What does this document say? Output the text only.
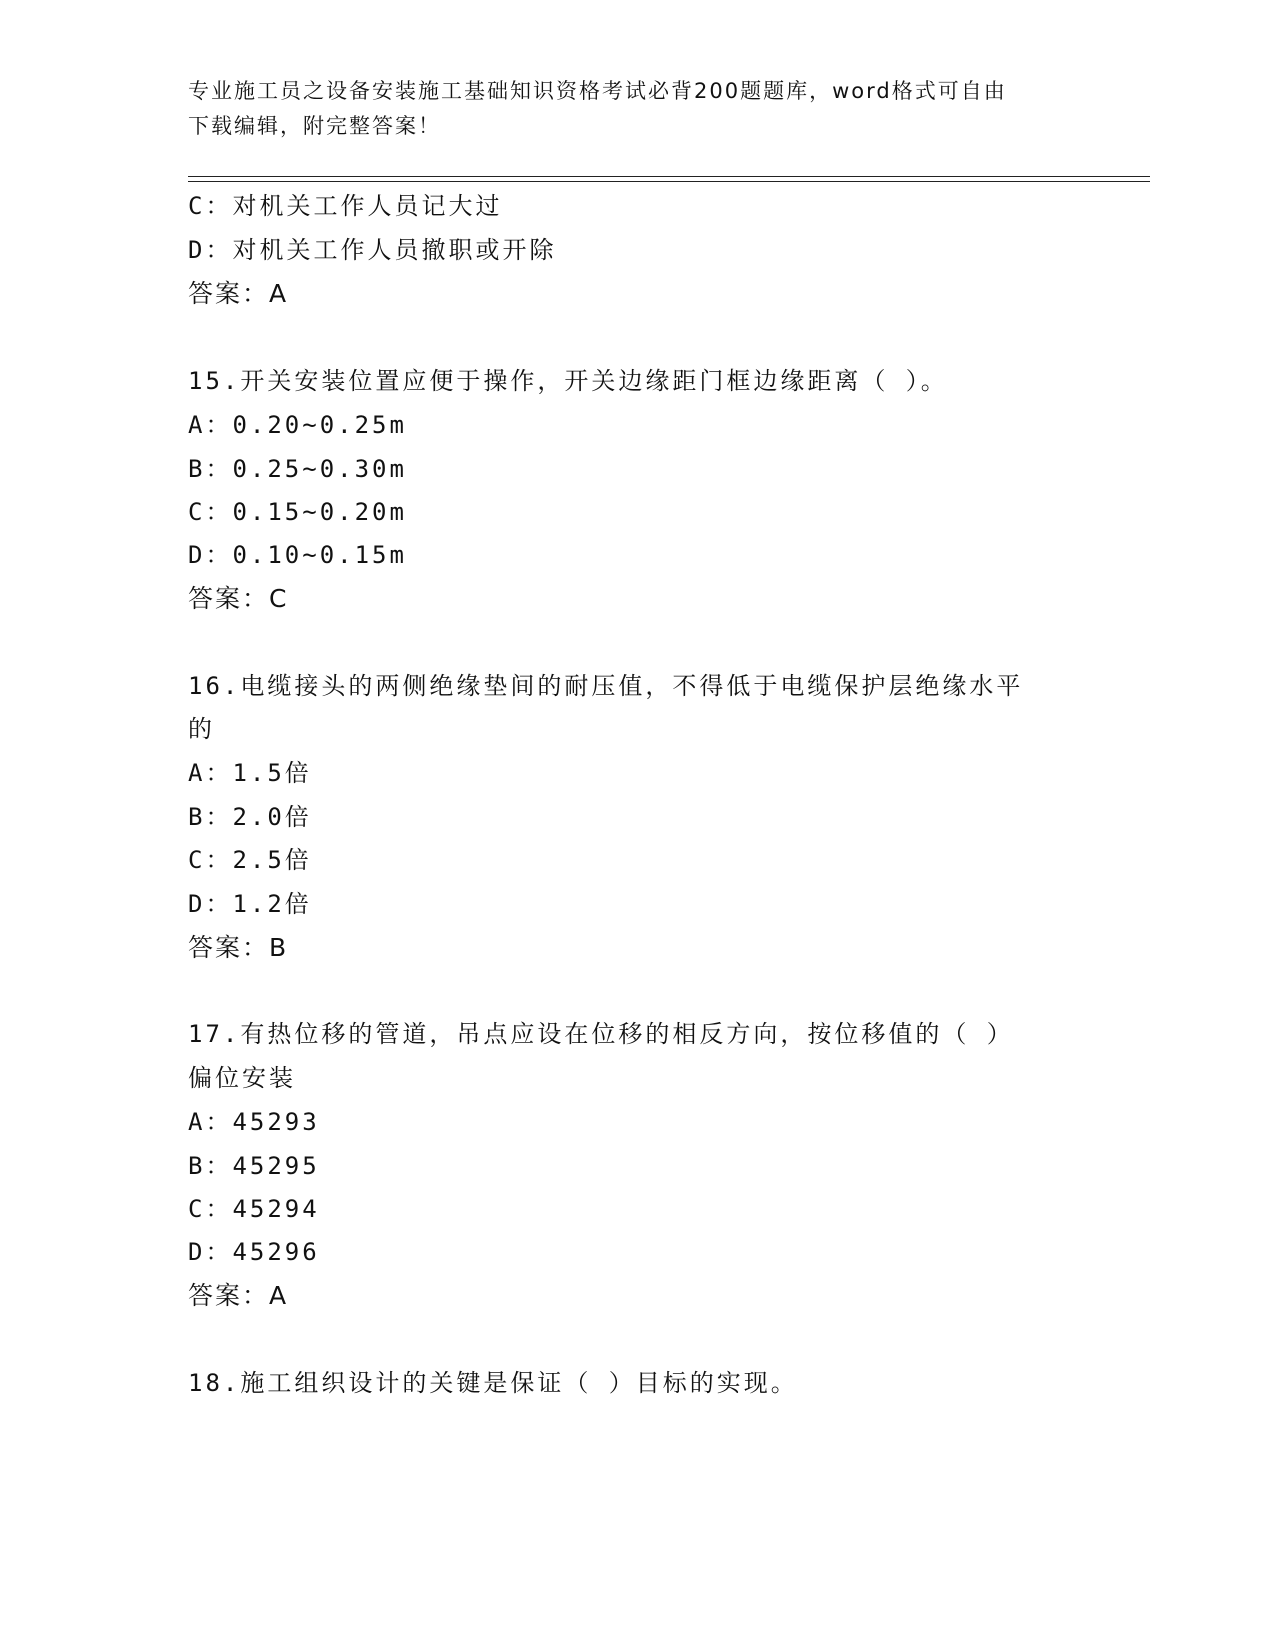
专业施工员之设备安装施工基础知识资格考试必背200题题库，word格式可自由
下载编辑，附完整答案！
C：对机关工作人员记大过
D：对机关工作人员撤职或开除
答案：A
15.开关安装位置应便于操作，开关边缘距门框边缘距离（ ）。
A：0.20~0.25m
B：0.25~0.30m
C：0.15~0.20m
D：0.10~0.15m
答案：C
16.电缆接头的两侧绝缘垫间的耐压值，不得低于电缆保护层绝缘水平
的
A：1.5倍
B：2.0倍
C：2.5倍
D：1.2倍
答案：B
17.有热位移的管道，吊点应设在位移的相反方向，按位移值的（ ）
偏位安装
A：45293
B：45295
C：45294
D：45296
答案：A
18.施工组织设计的关键是保证（ ）目标的实现。
